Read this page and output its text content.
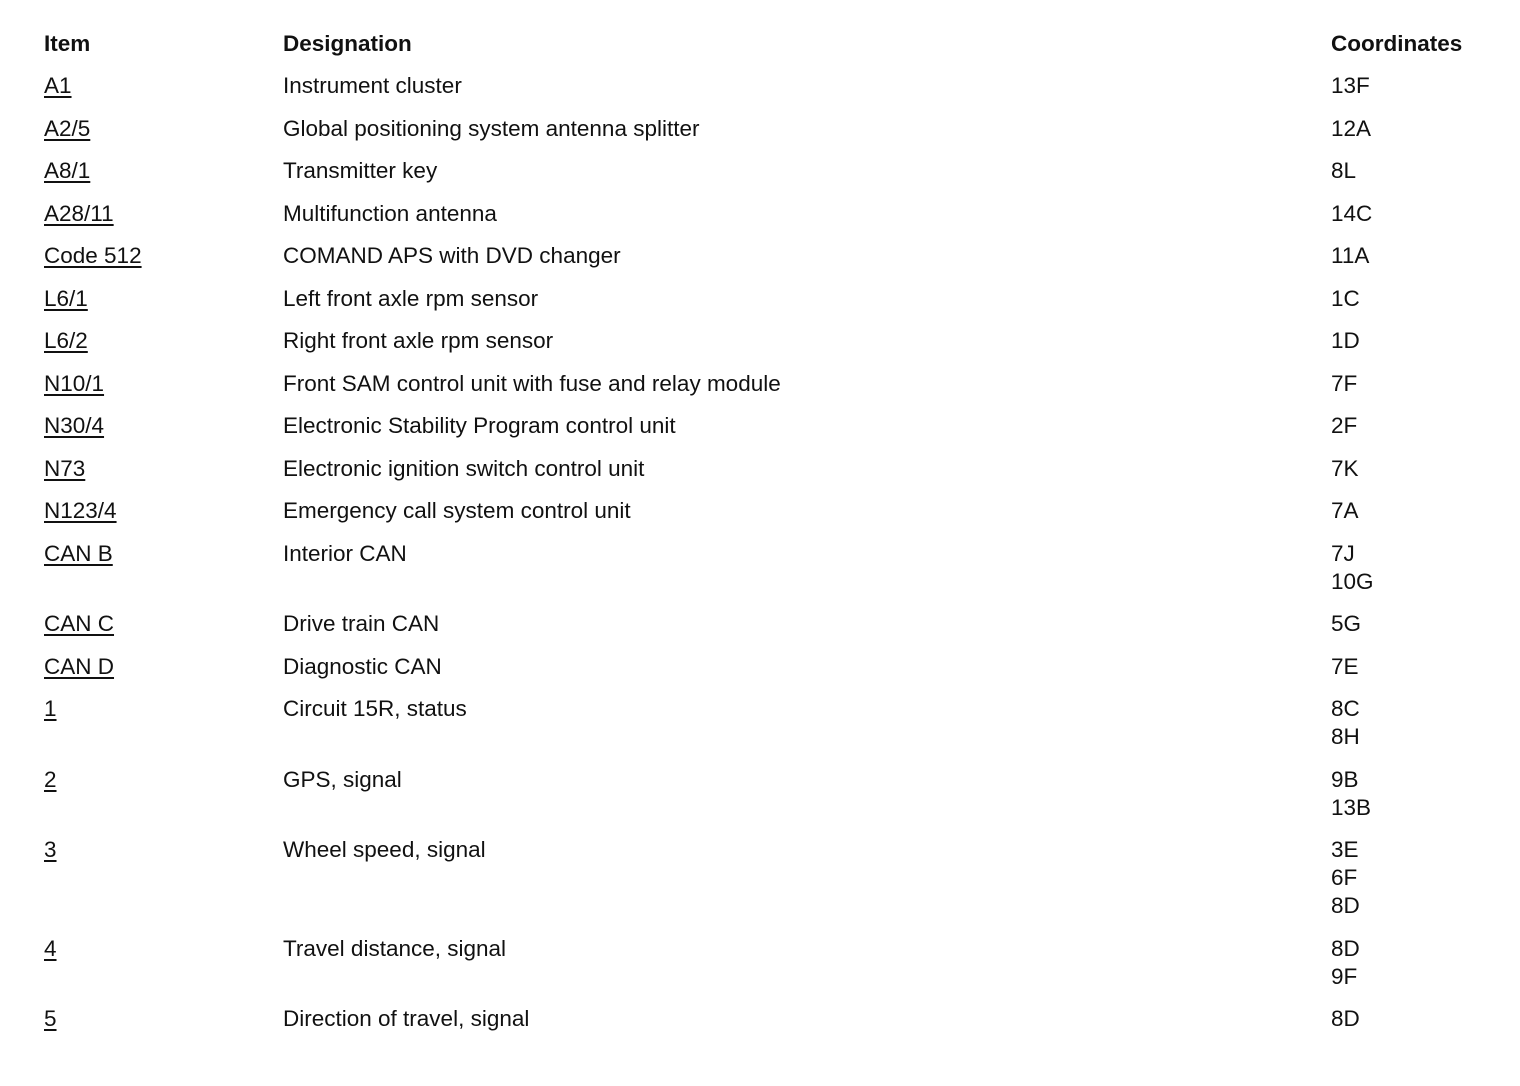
Item	Designation	Coordinates
A1	Instrument cluster	13F
A2/5	Global positioning system antenna splitter	12A
A8/1	Transmitter key	8L
A28/11	Multifunction antenna	14C
Code 512	COMAND APS with DVD changer	11A
L6/1	Left front axle rpm sensor	1C
L6/2	Right front axle rpm sensor	1D
N10/1	Front SAM control unit with fuse and relay module	7F
N30/4	Electronic Stability Program control unit	2F
N73	Electronic ignition switch control unit	7K
N123/4	Emergency call system control unit	7A
CAN B	Interior CAN	7J
10G
CAN C	Drive train CAN	5G
CAN D	Diagnostic CAN	7E
1	Circuit 15R, status	8C
8H
2	GPS, signal	9B
13B
3	Wheel speed, signal	3E
6F
8D
4	Travel distance, signal	8D
9F
5	Direction of travel, signal	8D
